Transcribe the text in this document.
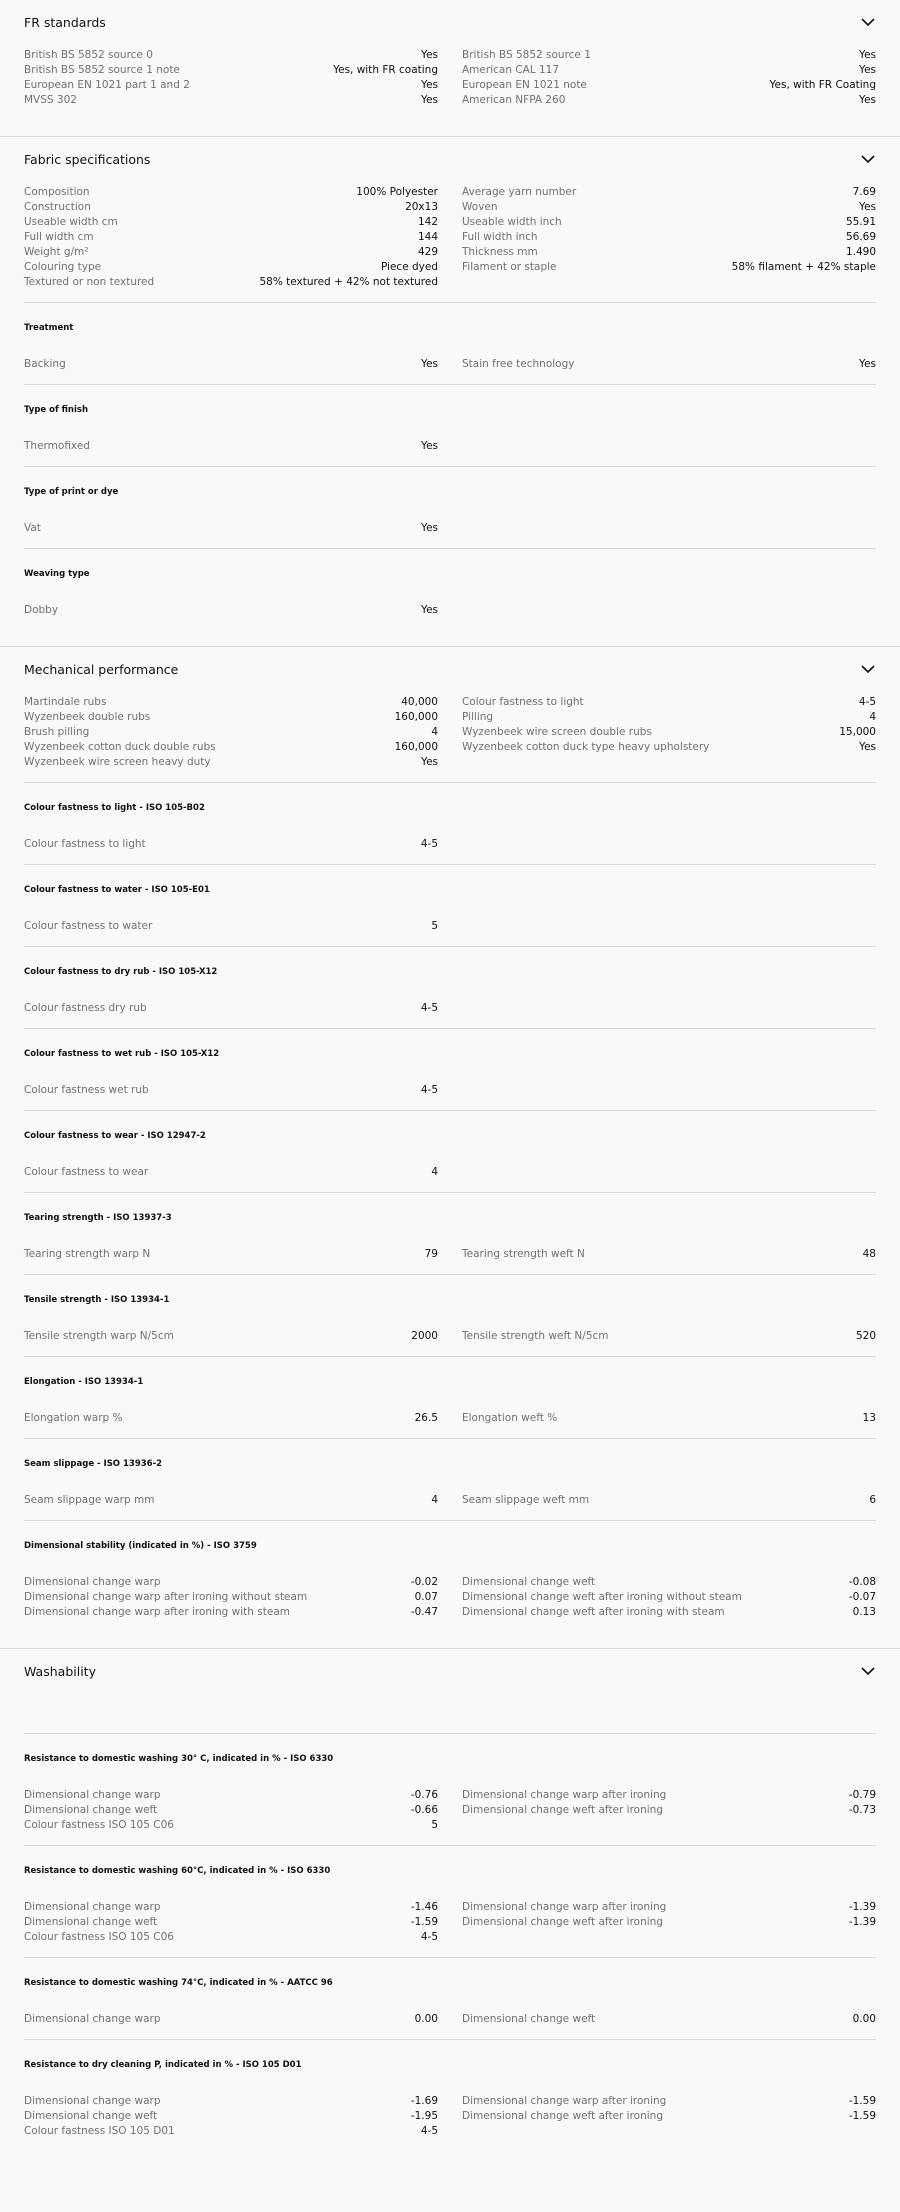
FR standards
British BS 5852 source 0	Yes
British BS 5852 source 1 note	Yes, with FR coating
European EN 1021 part 1 and 2	Yes
MVSS 302	Yes
British BS 5852 source 1	Yes
American CAL 117	Yes
European EN 1021 note	Yes, with FR Coating
American NFPA 260	Yes
Fabric specifications
Composition	100% Polyester
Construction	20x13
Useable width cm	142
Full width cm	144
Weight g/m²	429
Colouring type	Piece dyed
Textured or non textured	58% textured + 42% not textured
Average yarn number	7.69
Woven	Yes
Useable width inch	55.91
Full width inch	56.69
Thickness mm	1.490
Filament or staple	58% filament + 42% staple
Treatment
Backing	Yes Stain free technology	Yes
Type of finish
Thermofixed	Yes
Type of print or dye
Vat	Yes
Weaving type
Dobby	Yes
Mechanical performance
Martindale rubs	40,000
Wyzenbeek double rubs	160,000
Brush pilling	4
Wyzenbeek cotton duck double rubs	160,000
Wyzenbeek wire screen heavy duty	Yes
Colour fastness to light	4-5
Pilling	4
Wyzenbeek wire screen double rubs	15,000
Wyzenbeek cotton duck type heavy upholstery	Yes
Colour fastness to light - ISO 105-B02
Colour fastness to light	4-5
Colour fastness to water - ISO 105-E01
Colour fastness to water	5
Colour fastness to dry rub - ISO 105-X12
Colour fastness dry rub	4-5
Colour fastness to wet rub - ISO 105-X12
Colour fastness wet rub	4-5
Colour fastness to wear - ISO 12947-2
Colour fastness to wear	4
Tearing strength - ISO 13937-3
Tearing strength warp N	79 Tearing strength weft N	48
Tensile strength - ISO 13934-1
Tensile strength warp N/5cm	2000 Tensile strength weft N/5cm	520
Elongation - ISO 13934-1
Elongation warp %	26.5 Elongation weft %	13
Seam slippage - ISO 13936-2
Seam slippage warp mm	4 Seam slippage weft mm	6
Dimensional stability (indicated in %) - ISO 3759
Dimensional change warp	-0.02
Dimensional change warp after ironing without steam	0.07
Dimensional change warp after ironing with steam	-0.47
Dimensional change weft	-0.08
Dimensional change weft after ironing without steam	-0.07
Dimensional change weft after ironing with steam	0.13
Washability
Resistance to domestic washing 30° C, indicated in % - ISO 6330
Dimensional change warp	-0.76
Dimensional change weft	-0.66
Colour fastness ISO 105 C06	5
Dimensional change warp after ironing	-0.79
Dimensional change weft after ironing	-0.73
Resistance to domestic washing 60°C, indicated in % - ISO 6330
Dimensional change warp	-1.46
Dimensional change weft	-1.59
Colour fastness ISO 105 C06	4-5
Dimensional change warp after ironing	-1.39
Dimensional change weft after ironing	-1.39
Resistance to domestic washing 74°C, indicated in % - AATCC 96
Dimensional change warp	0.00 Dimensional change weft	0.00
Resistance to dry cleaning P, indicated in % - ISO 105 D01
Dimensional change warp	-1.69
Dimensional change weft	-1.95
Colour fastness ISO 105 D01	4-5
Dimensional change warp after ironing	-1.59
Dimensional change weft after ironing	-1.59
